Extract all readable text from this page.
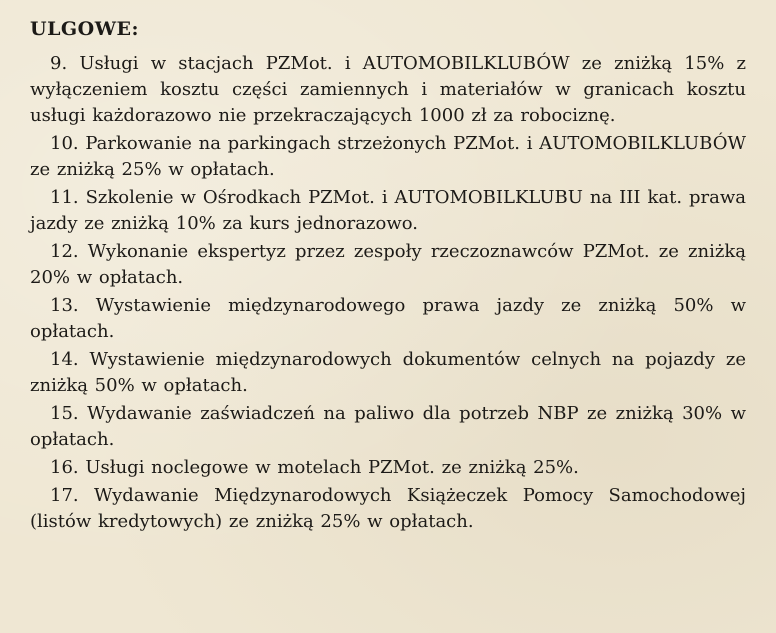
ULGOWE:

9. Usługi w stacjach PZMot. i AUTOMOBILKLUBÓW ze zniżką 15% z wyłączeniem kosztu części zamiennych i materiałów w granicach kosztu usługi każdorazowo nie przekraczających 1000 zł za robociznę.

10. Parkowanie na parkingach strzeżonych PZMot. i AUTOMOBILKLUBÓW ze zniżką 25% w opłatach.

11. Szkolenie w Ośrodkach PZMot. i AUTOMOBILKLUBU na III kat. prawa jazdy ze zniżką 10% za kurs jednorazowo.

12. Wykonanie ekspertyz przez zespoły rzeczoznawców PZMot. ze zniżką 20% w opłatach.

13. Wystawienie międzynarodowego prawa jazdy ze zniżką 50% w opłatach.

14. Wystawienie międzynarodowych dokumentów celnych na pojazdy ze zniżką 50% w opłatach.

15. Wydawanie zaświadczeń na paliwo dla potrzeb NBP ze zniżką 30% w opłatach.

16. Usługi noclegowe w motelach PZMot. ze zniżką 25%.

17. Wydawanie Międzynarodowych Książeczek Pomocy Samochodowej (listów kredytowych) ze zniżką 25% w opłatach.
